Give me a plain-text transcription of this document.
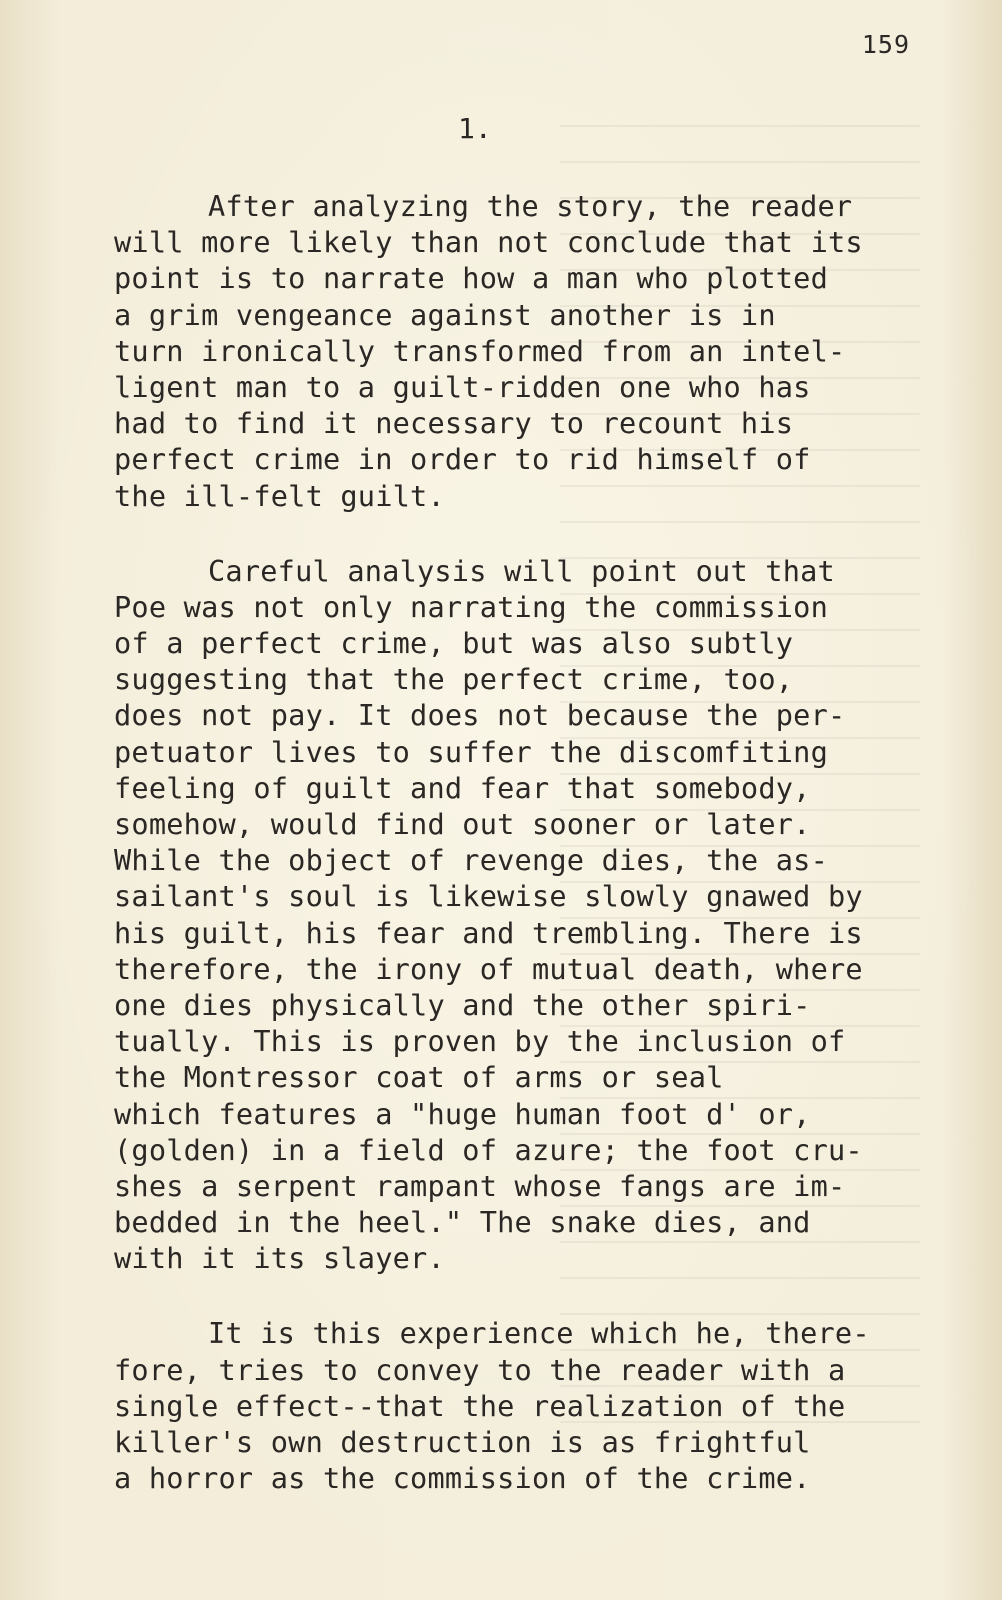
159
1.
After analyzing the story, the reader
will more likely than not conclude that its
point is to narrate how a man who plotted
a grim vengeance against another is in
turn ironically transformed from an intel-
ligent man to a guilt-ridden one who has
had to find it necessary to recount his
perfect crime in order to rid himself of
the ill-felt guilt.
Careful analysis will point out that
Poe was not only narrating the commission
of a perfect crime, but was also subtly
suggesting that the perfect crime, too,
does not pay. It does not because the per-
petuator lives to suffer the discomfiting
feeling of guilt and fear that somebody,
somehow, would find out sooner or later.
While the object of revenge dies, the as-
sailant's soul is likewise slowly gnawed by
his guilt, his fear and trembling. There is
therefore, the irony of mutual death, where
one dies physically and the other spiri-
tually. This is proven by the inclusion of
the Montressor coat of arms or seal
which features a "huge human foot d' or,
(golden) in a field of azure; the foot cru-
shes a serpent rampant whose fangs are im-
bedded in the heel." The snake dies, and
with it its slayer.
It is this experience which he, there-
fore, tries to convey to the reader with a
single effect--that the realization of the
killer's own destruction is as frightful
a horror as the commission of the crime.
